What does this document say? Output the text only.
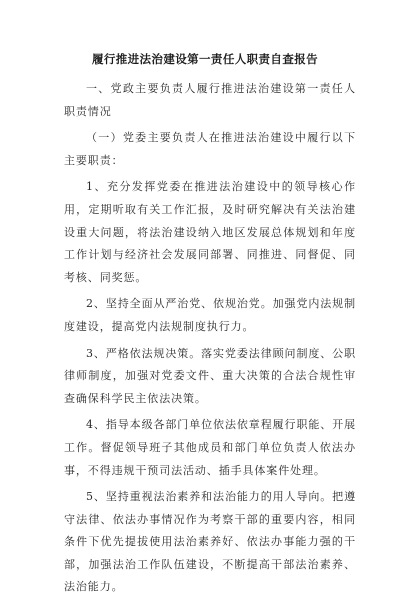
履行推进法治建设第一责任人职责自查报告

一、党政主要负责人履行推进法治建设第一责任人职责情况

（一）党委主要负责人在推进法治建设中履行以下主要职责：

1、充分发挥党委在推进法治建设中的领导核心作用，定期听取有关工作汇报，及时研究解决有关法治建设重大问题，将法治建设纳入地区发展总体规划和年度工作计划与经济社会发展同部署、同推进、同督促、同考核、同奖惩。

2、坚持全面从严治党、依规治党。加强党内法规制度建设，提高党内法规制度执行力。

3、严格依法规决策。落实党委法律顾问制度、公职律师制度，加强对党委文件、重大决策的合法合规性审查确保科学民主依法决策。

4、指导本级各部门单位依法依章程履行职能、开展工作。督促领导班子其他成员和部门单位负责人依法办事，不得违规干预司法活动、插手具体案件处理。

5、坚持重视法治素养和法治能力的用人导向。把遵守法律、依法办事情况作为考察干部的重要内容，相同条件下优先提拔使用法治素养好、依法办事能力强的干部，加强法治工作队伍建设，不断提高干部法治素养、法治能力。
